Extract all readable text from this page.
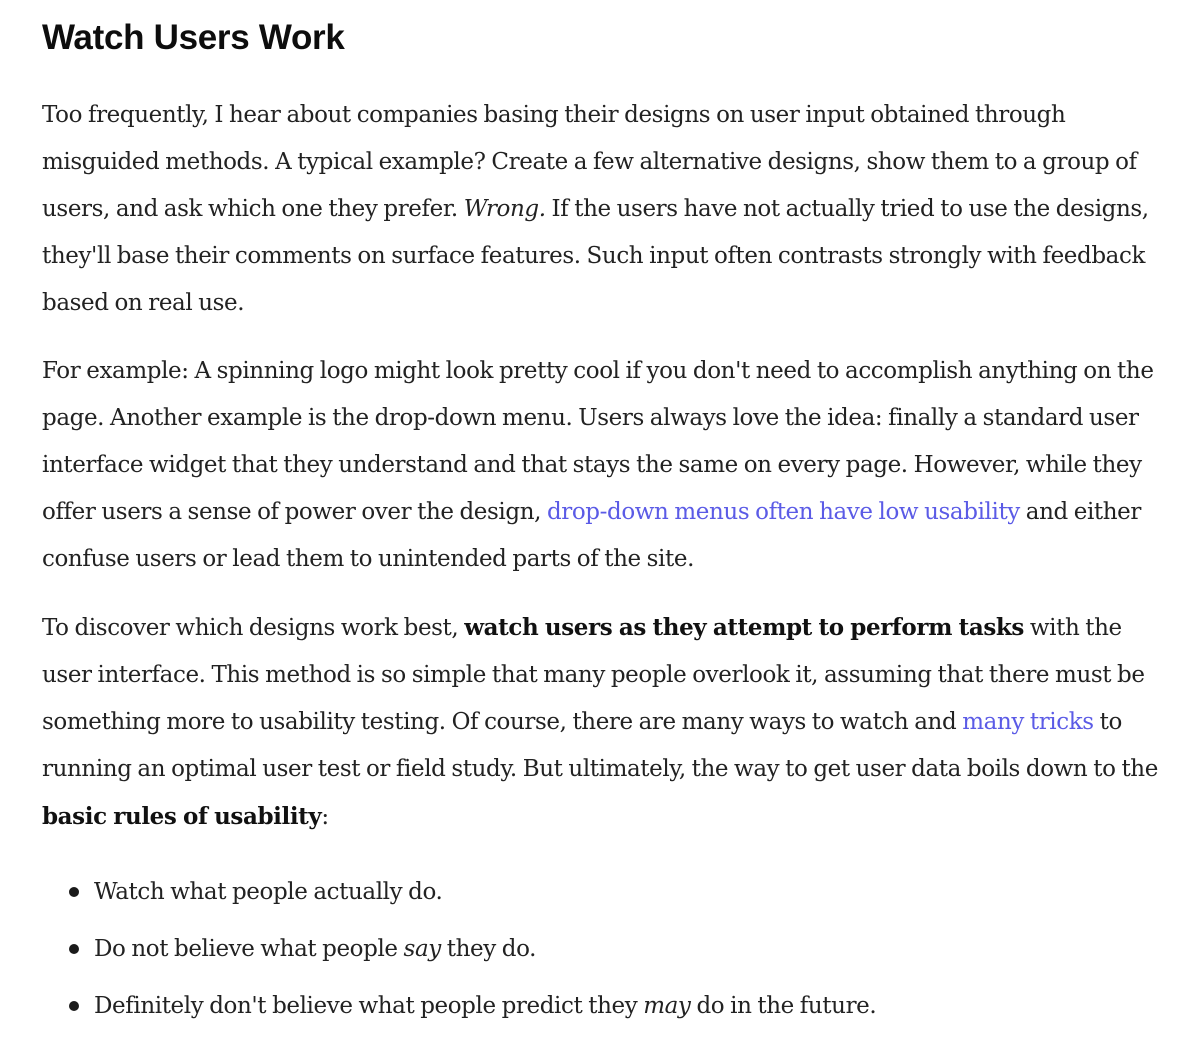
Watch Users Work

Too frequently, I hear about companies basing their designs on user input obtained through misguided methods. A typical example? Create a few alternative designs, show them to a group of users, and ask which one they prefer. Wrong. If the users have not actually tried to use the designs, they'll base their comments on surface features. Such input often contrasts strongly with feedback based on real use.

For example: A spinning logo might look pretty cool if you don't need to accomplish anything on the page. Another example is the drop-down menu. Users always love the idea: finally a standard user interface widget that they understand and that stays the same on every page. However, while they offer users a sense of power over the design, drop-down menus often have low usability and either confuse users or lead them to unintended parts of the site.

To discover which designs work best, watch users as they attempt to perform tasks with the user interface. This method is so simple that many people overlook it, assuming that there must be something more to usability testing. Of course, there are many ways to watch and many tricks to running an optimal user test or field study. But ultimately, the way to get user data boils down to the basic rules of usability:

Watch what people actually do.
Do not believe what people say they do.
Definitely don't believe what people predict they may do in the future.
